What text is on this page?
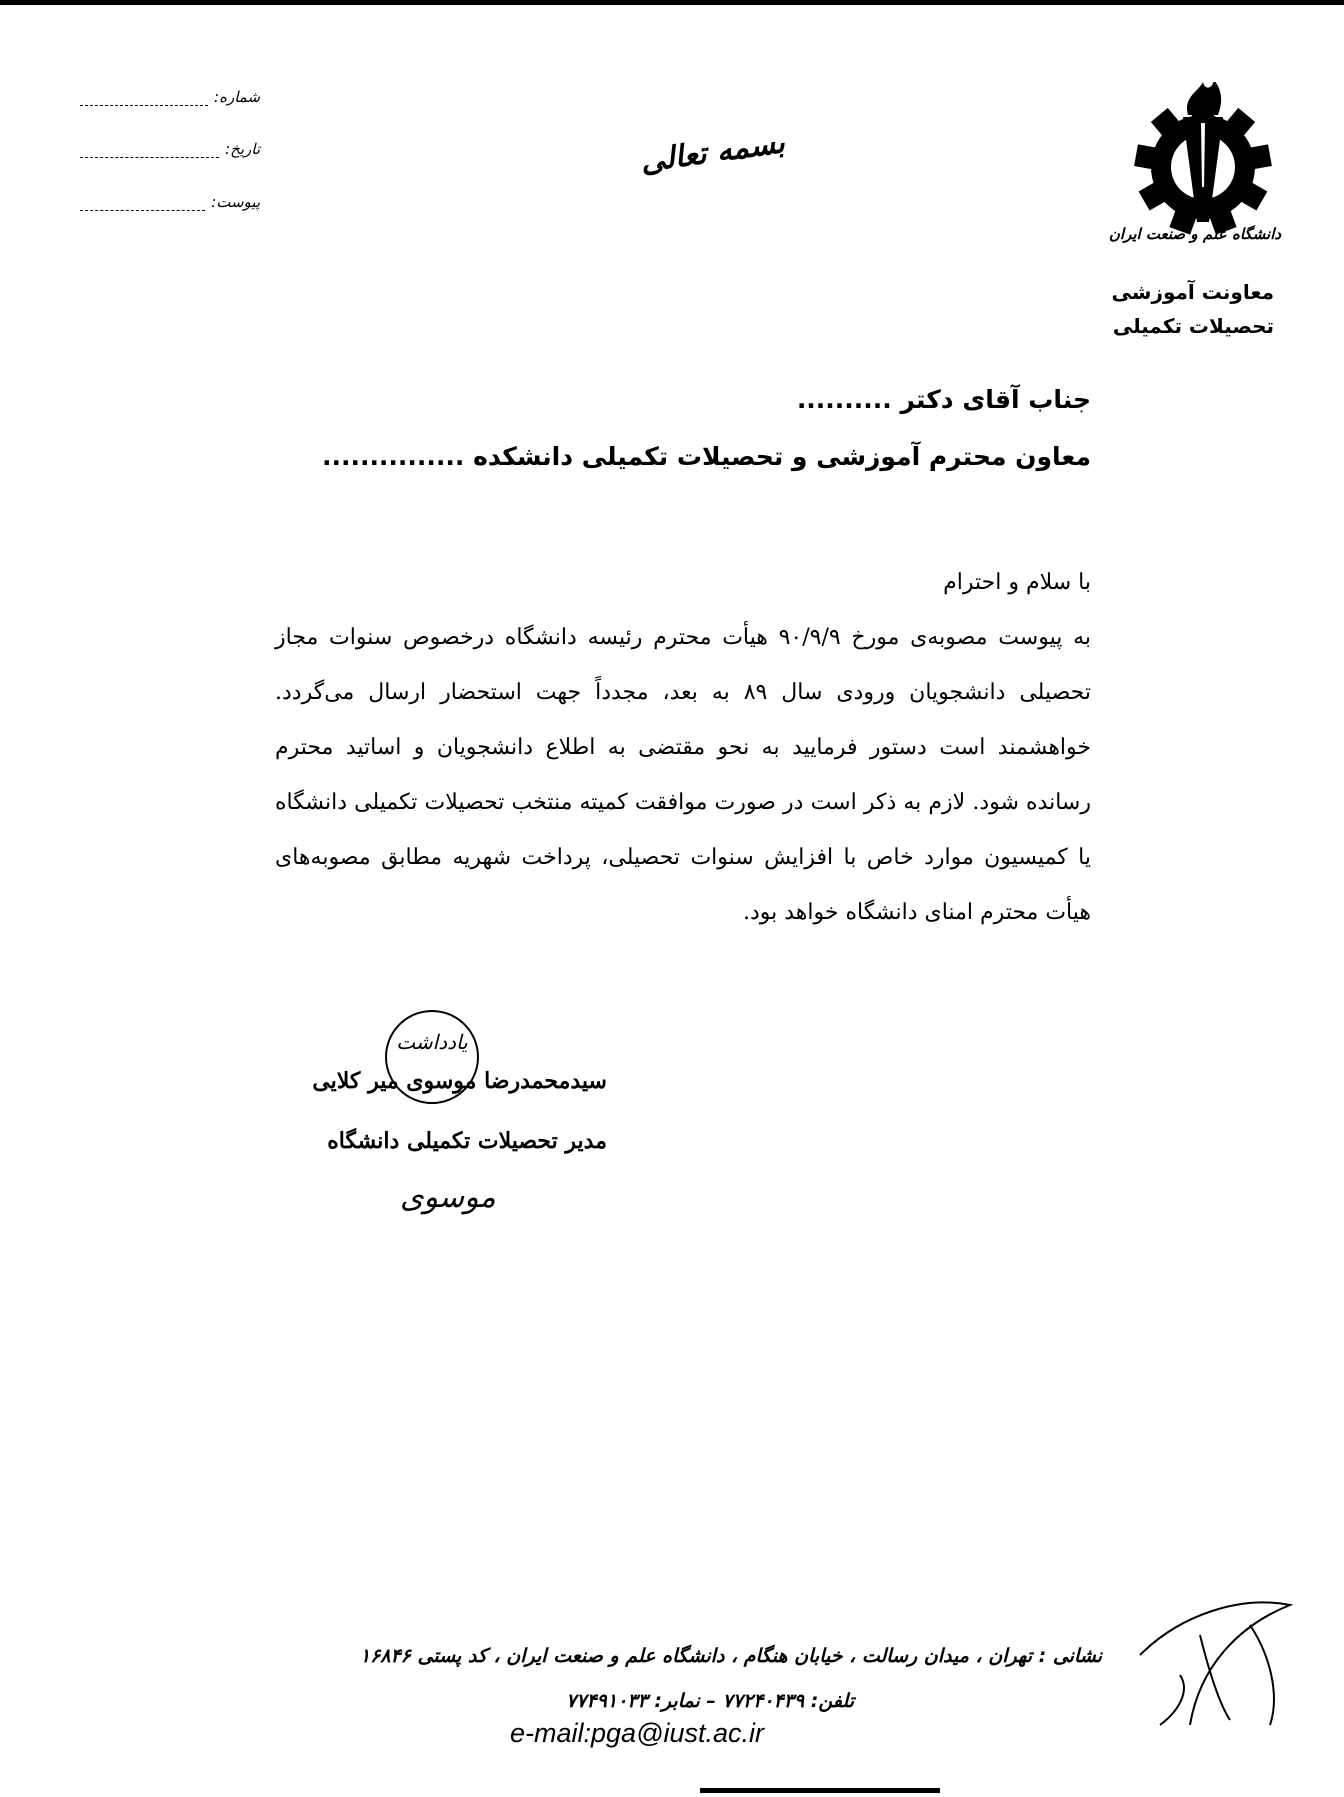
شماره:
تاریخ:
پیوست:
بسمه تعالی
دانشگاه علم و صنعت ایران
معاونت آموزشی
تحصیلات تکمیلی
جناب آقای دکتر ..........
معاون محترم آموزشی و تحصیلات تکمیلی دانشکده ...............

با سلام و احترام

به پیوست مصوبه‌ی مورخ ۹۰/۹/۹ هیأت محترم رئیسه دانشگاه درخصوص سنوات مجاز تحصیلی دانشجویان ورودی سال ۸۹ به بعد، مجدداً جهت استحضار ارسال می‌گردد. خواهشمند است دستور فرمایید به نحو مقتضی به اطلاع دانشجویان و اساتید محترم رسانده شود. لازم به ذکر است در صورت موافقت کمیته منتخب تحصیلات تکمیلی دانشگاه یا کمیسیون موارد خاص با افزایش سنوات تحصیلی، پرداخت شهریه مطابق مصوبه‌های هیأت محترم امنای دانشگاه خواهد بود.

یادداشت
سیدمحمدرضا موسوی میر کلایی
مدیر تحصیلات تکمیلی دانشگاه
موسوی
نشانی : تهران ، میدان رسالت ، خیابان هنگام ، دانشگاه علم و صنعت ایران ، کد پستی ۱۶۸۴۶
تلفن: ۷۷۲۴۰۴۳۹ – نمابر: ۷۷۴۹۱۰۳۳
e-mail:pga@iust.ac.ir
